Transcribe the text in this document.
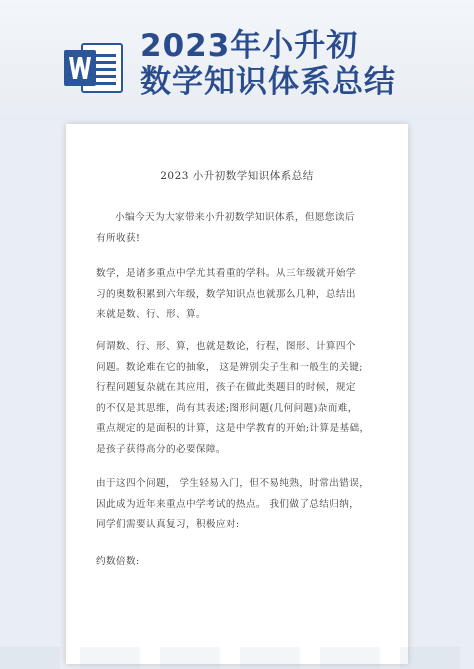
2023年小升初
数学知识体系总结
2023 小升初数学知识体系总结
小编今天为大家带来小升初数学知识体系，但愿您读后
有所收获!
数学，是诸多重点中学尤其看重的学科。从三年级就开始学
习的奥数积累到六年级，数学知识点也就那么几种，总结出
来就是数、行、形、算。
何谓数、行、形、算，也就是数论，行程，图形、计算四个
问题。数论难在它的抽象， 这是辨别尖子生和一般生的关键;
行程问题复杂就在其应用，孩子在做此类题目的时候，规定
的不仅是其思维，尚有其表述;图形问题(几何问题)杂而难，
重点规定的是面积的计算，这是中学教育的开始;计算是基础，
是孩子获得高分的必要保障。
由于这四个问题， 学生轻易入门，但不易纯熟，时常出错误，
因此成为近年来重点中学考试的热点。 我们做了总结归纳，
同学们需要认真复习，积极应对:
约数倍数:
